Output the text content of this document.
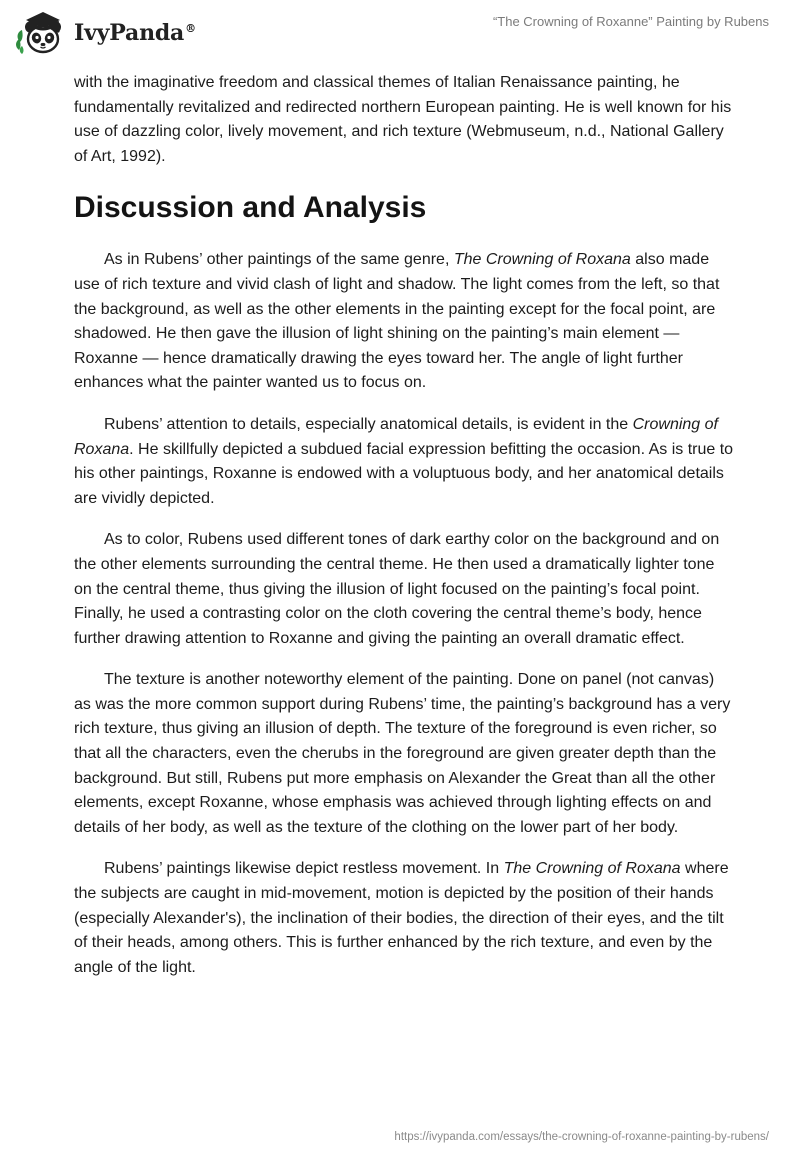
IvyPanda®	“The Crowning of Roxanne” Painting by Rubens

with the imaginative freedom and classical themes of Italian Renaissance painting, he fundamentally revitalized and redirected northern European painting. He is well known for his use of dazzling color, lively movement, and rich texture (Webmuseum, n.d., National Gallery of Art, 1992).

Discussion and Analysis

As in Rubens’ other paintings of the same genre, The Crowning of Roxana also made use of rich texture and vivid clash of light and shadow. The light comes from the left, so that the background, as well as the other elements in the painting except for the focal point, are shadowed. He then gave the illusion of light shining on the painting’s main element — Roxanne — hence dramatically drawing the eyes toward her. The angle of light further enhances what the painter wanted us to focus on.

Rubens’ attention to details, especially anatomical details, is evident in the Crowning of Roxana. He skillfully depicted a subdued facial expression befitting the occasion. As is true to his other paintings, Roxanne is endowed with a voluptuous body, and her anatomical details are vividly depicted.

As to color, Rubens used different tones of dark earthy color on the background and on the other elements surrounding the central theme. He then used a dramatically lighter tone on the central theme, thus giving the illusion of light focused on the painting’s focal point. Finally, he used a contrasting color on the cloth covering the central theme’s body, hence further drawing attention to Roxanne and giving the painting an overall dramatic effect.

The texture is another noteworthy element of the painting. Done on panel (not canvas) as was the more common support during Rubens’ time, the painting’s background has a very rich texture, thus giving an illusion of depth. The texture of the foreground is even richer, so that all the characters, even the cherubs in the foreground are given greater depth than the background. But still, Rubens put more emphasis on Alexander the Great than all the other elements, except Roxanne, whose emphasis was achieved through lighting effects on and details of her body, as well as the texture of the clothing on the lower part of her body.

Rubens’ paintings likewise depict restless movement. In The Crowning of Roxana where the subjects are caught in mid-movement, motion is depicted by the position of their hands (especially Alexander's), the inclination of their bodies, the direction of their eyes, and the tilt of their heads, among others. This is further enhanced by the rich texture, and even by the angle of the light.

https://ivypanda.com/essays/the-crowning-of-roxanne-painting-by-rubens/
